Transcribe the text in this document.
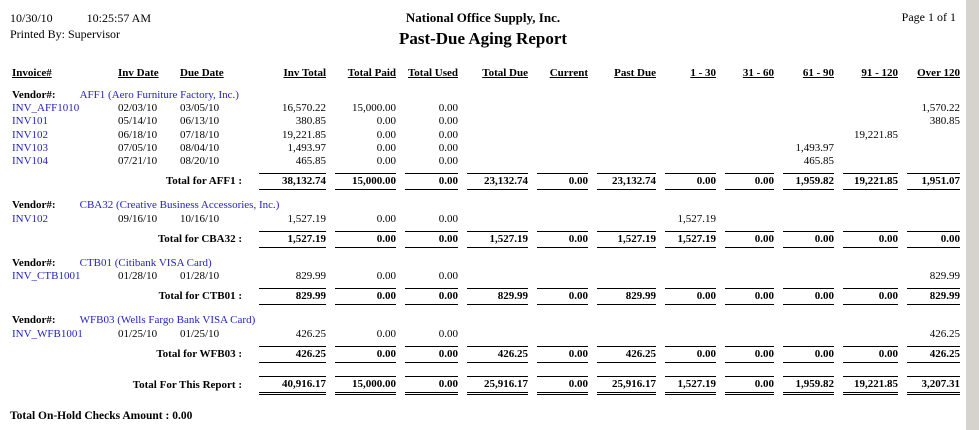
10/30/10	10:25:57 AM
Printed By: Supervisor
National Office Supply, Inc.
Past-Due Aging Report
Page 1 of 1
Invoice#	Inv Date	Due Date	Inv Total	Total Paid	Total Used	Total Due	Current	Past Due	1 - 30	31 - 60	61 - 90	91 - 120	Over 120
Vendor#: AFF1 (Aero Furniture Factory, Inc.)													
INV_AFF1010	02/03/10	03/05/10	16,570.22	15,000.00	0.00								1,570.22
INV101	05/14/10	06/13/10	380.85	0.00	0.00								380.85
INV102	06/18/10	07/18/10	19,221.85	0.00	0.00							19,221.85	
INV103	07/05/10	08/04/10	1,493.97	0.00	0.00						1,493.97		
INV104	07/21/10	08/20/10	465.85	0.00	0.00						465.85		
Total for AFF1 :			38,132.74	15,000.00	0.00	23,132.74	0.00	23,132.74	0.00	0.00	1,959.82	19,221.85	1,951.07

Vendor#: CBA32 (Creative Business Accessories, Inc.)													
INV102	09/16/10	10/16/10	1,527.19	0.00	0.00				1,527.19				
Total for CBA32 :			1,527.19	0.00	0.00	1,527.19	0.00	1,527.19	1,527.19	0.00	0.00	0.00	0.00

Vendor#: CTB01 (Citibank VISA Card)													
INV_CTB1001	01/28/10	01/28/10	829.99	0.00	0.00								829.99
Total for CTB01 :			829.99	0.00	0.00	829.99	0.00	829.99	0.00	0.00	0.00	0.00	829.99

Vendor#: WFB03 (Wells Fargo Bank VISA Card)													
INV_WFB1001	01/25/10	01/25/10	426.25	0.00	0.00								426.25
Total for WFB03 :			426.25	0.00	0.00	426.25	0.00	426.25	0.00	0.00	0.00	0.00	426.25

Total For This Report :			40,916.17	15,000.00	0.00	25,916.17	0.00	25,916.17	1,527.19	0.00	1,959.82	19,221.85	3,207.31
Total On-Hold Checks Amount : 0.00
